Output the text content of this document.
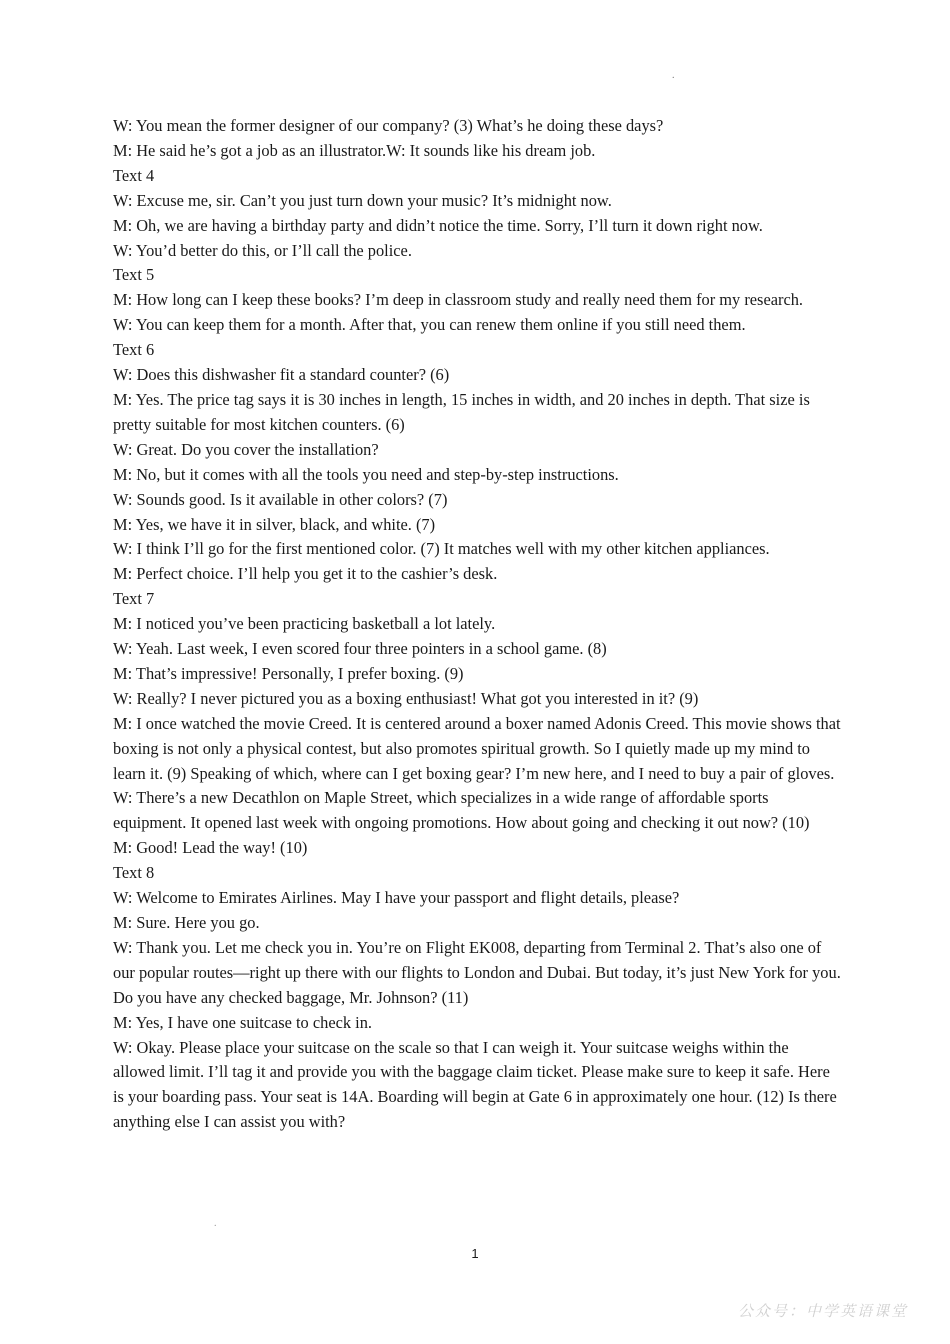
.

W: You mean the former designer of our company? (3) What’s he doing these days?

M: He said he’s got a job as an illustrator.W: It sounds like his dream job.

Text 4

W: Excuse me, sir. Can’t you just turn down your music? It’s midnight now.

M: Oh, we are having a birthday party and didn’t notice the time. Sorry, I’ll turn it down right now.

W: You’d better do this, or I’ll call the police.

Text 5

M: How long can I keep these books? I’m deep in classroom study and really need them for my research.

W: You can keep them for a month. After that, you can renew them online if you still need them.

Text 6

W: Does this dishwasher fit a standard counter? (6)

M: Yes. The price tag says it is 30 inches in length, 15 inches in width, and 20 inches in depth. That size is pretty suitable for most kitchen counters. (6)

W: Great. Do you cover the installation?

M: No, but it comes with all the tools you need and step-by-step instructions.

W: Sounds good. Is it available in other colors? (7)

M: Yes, we have it in silver, black, and white. (7)

W: I think I’ll go for the first mentioned color. (7) It matches well with my other kitchen appliances.

M: Perfect choice. I’ll help you get it to the cashier’s desk.

Text 7

M: I noticed you’ve been practicing basketball a lot lately.

W: Yeah. Last week, I even scored four three pointers in a school game. (8)

M: That’s impressive! Personally, I prefer boxing. (9)

W: Really? I never pictured you as a boxing enthusiast! What got you interested in it? (9)

M: I once watched the movie Creed. It is centered around a boxer named Adonis Creed. This movie shows that boxing is not only a physical contest, but also promotes spiritual growth. So I quietly made up my mind to learn it. (9) Speaking of which, where can I get boxing gear? I’m new here, and I need to buy a pair of gloves.

W: There’s a new Decathlon on Maple Street, which specializes in a wide range of affordable sports equipment. It opened last week with ongoing promotions. How about going and checking it out now? (10)

M: Good! Lead the way! (10)

Text 8

W: Welcome to Emirates Airlines. May I have your passport and flight details, please?

M: Sure. Here you go.

W: Thank you. Let me check you in. You’re on Flight EK008, departing from Terminal 2. That’s also one of our popular routes—right up there with our flights to London and Dubai. But today, it’s just New York for you. Do you have any checked baggage, Mr. Johnson? (11)

M: Yes, I have one suitcase to check in.

W: Okay. Please place your suitcase on the scale so that I can weigh it. Your suitcase weighs within the allowed limit. I’ll tag it and provide you with the baggage claim ticket. Please make sure to keep it safe. Here is your boarding pass. Your seat is 14A. Boarding will begin at Gate 6 in approximately one hour. (12) Is there anything else I can assist you with?

.
1
公众号：中学英语课堂
